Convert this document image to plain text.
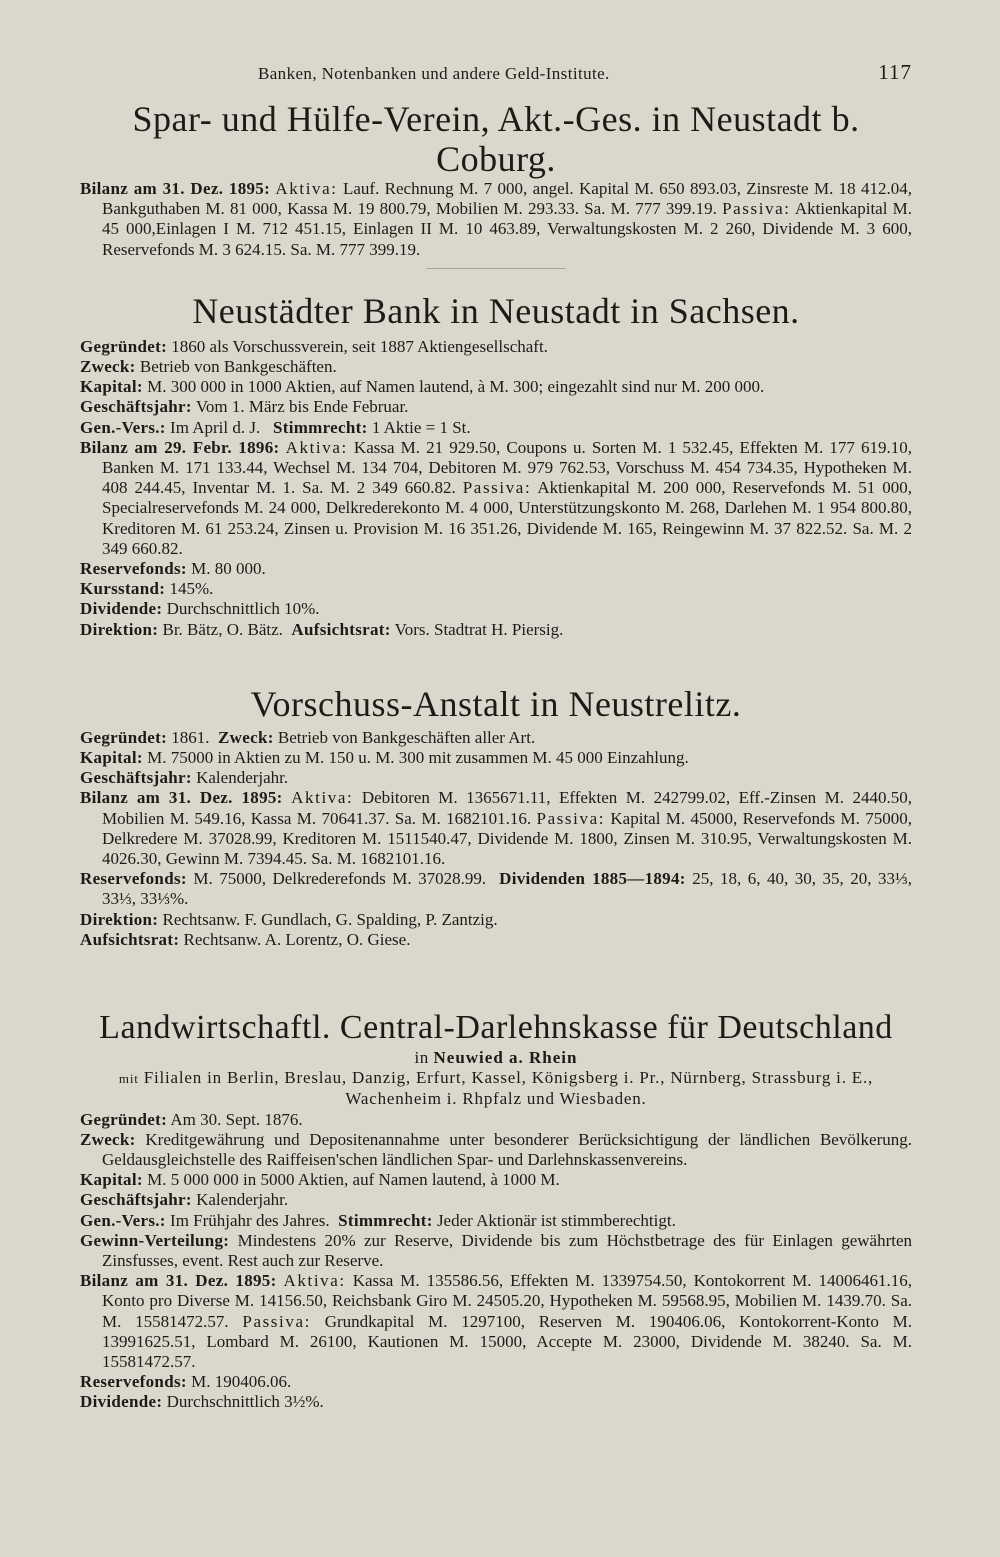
Banken, Notenbanken und andere Geld-Institute.	117
Spar- und Hülfe-Verein, Akt.-Ges. in Neustadt b. Coburg.

Bilanz am 31. Dez. 1895: Aktiva: Lauf. Rechnung M. 7 000, angel. Kapital M. 650 893.03, Zinsreste M. 18 412.04, Bankguthaben M. 81 000, Kassa M. 19 800.79, Mobilien M. 293.33. Sa. M. 777 399.19. Passiva: Aktienkapital M. 45 000,Einlagen I M. 712 451.15, Einlagen II M. 10 463.89, Verwaltungskosten M. 2 260, Dividende M. 3 600, Reservefonds M. 3 624.15. Sa. M. 777 399.19.

Neustädter Bank in Neustadt in Sachsen.

Gegründet: 1860 als Vorschussverein, seit 1887 Aktiengesellschaft.

Zweck: Betrieb von Bankgeschäften.

Kapital: M. 300 000 in 1000 Aktien, auf Namen lautend, à M. 300; eingezahlt sind nur M. 200 000.

Geschäftsjahr: Vom 1. März bis Ende Februar.

Gen.-Vers.: Im April d. J. Stimmrecht: 1 Aktie = 1 St.

Bilanz am 29. Febr. 1896: Aktiva: Kassa M. 21 929.50, Coupons u. Sorten M. 1 532.45, Effekten M. 177 619.10, Banken M. 171 133.44, Wechsel M. 134 704, Debitoren M. 979 762.53, Vorschuss M. 454 734.35, Hypotheken M. 408 244.45, Inventar M. 1. Sa. M. 2 349 660.82. Passiva: Aktienkapital M. 200 000, Reservefonds M. 51 000, Specialreservefonds M. 24 000, Delkrederekonto M. 4 000, Unterstützungskonto M. 268, Darlehen M. 1 954 800.80, Kreditoren M. 61 253.24, Zinsen u. Provision M. 16 351.26, Dividende M. 165, Reingewinn M. 37 822.52. Sa. M. 2 349 660.82.

Reservefonds: M. 80 000.

Kursstand: 145%.

Dividende: Durchschnittlich 10%.

Direktion: Br. Bätz, O. Bätz. Aufsichtsrat: Vors. Stadtrat H. Piersig.

Vorschuss-Anstalt in Neustrelitz.

Gegründet: 1861. Zweck: Betrieb von Bankgeschäften aller Art.

Kapital: M. 75000 in Aktien zu M. 150 u. M. 300 mit zusammen M. 45 000 Einzahlung.

Geschäftsjahr: Kalenderjahr.

Bilanz am 31. Dez. 1895: Aktiva: Debitoren M. 1365671.11, Effekten M. 242799.02, Eff.-Zinsen M. 2440.50, Mobilien M. 549.16, Kassa M. 70641.37. Sa. M. 1682101.16. Passiva: Kapital M. 45000, Reservefonds M. 75000, Delkredere M. 37028.99, Kreditoren M. 1511540.47, Dividende M. 1800, Zinsen M. 310.95, Verwaltungskosten M. 4026.30, Gewinn M. 7394.45. Sa. M. 1682101.16.

Reservefonds: M. 75000, Delkrederefonds M. 37028.99. Dividenden 1885—1894: 25, 18, 6, 40, 30, 35, 20, 33⅓, 33⅓, 33⅓%.

Direktion: Rechtsanw. F. Gundlach, G. Spalding, P. Zantzig.

Aufsichtsrat: Rechtsanw. A. Lorentz, O. Giese.

Landwirtschaftl. Central-Darlehnskasse für Deutschland
in Neuwied a. Rhein

mit Filialen in Berlin, Breslau, Danzig, Erfurt, Kassel, Königsberg i. Pr., Nürnberg, Strassburg i. E., Wachenheim i. Rhpfalz und Wiesbaden.

Gegründet: Am 30. Sept. 1876.

Zweck: Kreditgewährung und Depositenannahme unter besonderer Berücksichtigung der ländlichen Bevölkerung. Geldausgleichstelle des Raiffeisen'schen ländlichen Spar- und Darlehnskassenvereins.

Kapital: M. 5 000 000 in 5000 Aktien, auf Namen lautend, à 1000 M.

Geschäftsjahr: Kalenderjahr.

Gen.-Vers.: Im Frühjahr des Jahres. Stimmrecht: Jeder Aktionär ist stimmberechtigt.

Gewinn-Verteilung: Mindestens 20% zur Reserve, Dividende bis zum Höchstbetrage des für Einlagen gewährten Zinsfusses, event. Rest auch zur Reserve.

Bilanz am 31. Dez. 1895: Aktiva: Kassa M. 135586.56, Effekten M. 1339754.50, Kontokorrent M. 14006461.16, Konto pro Diverse M. 14156.50, Reichsbank Giro M. 24505.20, Hypotheken M. 59568.95, Mobilien M. 1439.70. Sa. M. 15581472.57. Passiva: Grundkapital M. 1297100, Reserven M. 190406.06, Kontokorrent-Konto M. 13991625.51, Lombard M. 26100, Kautionen M. 15000, Accepte M. 23000, Dividende M. 38240. Sa. M. 15581472.57.

Reservefonds: M. 190406.06.

Dividende: Durchschnittlich 3½%.
